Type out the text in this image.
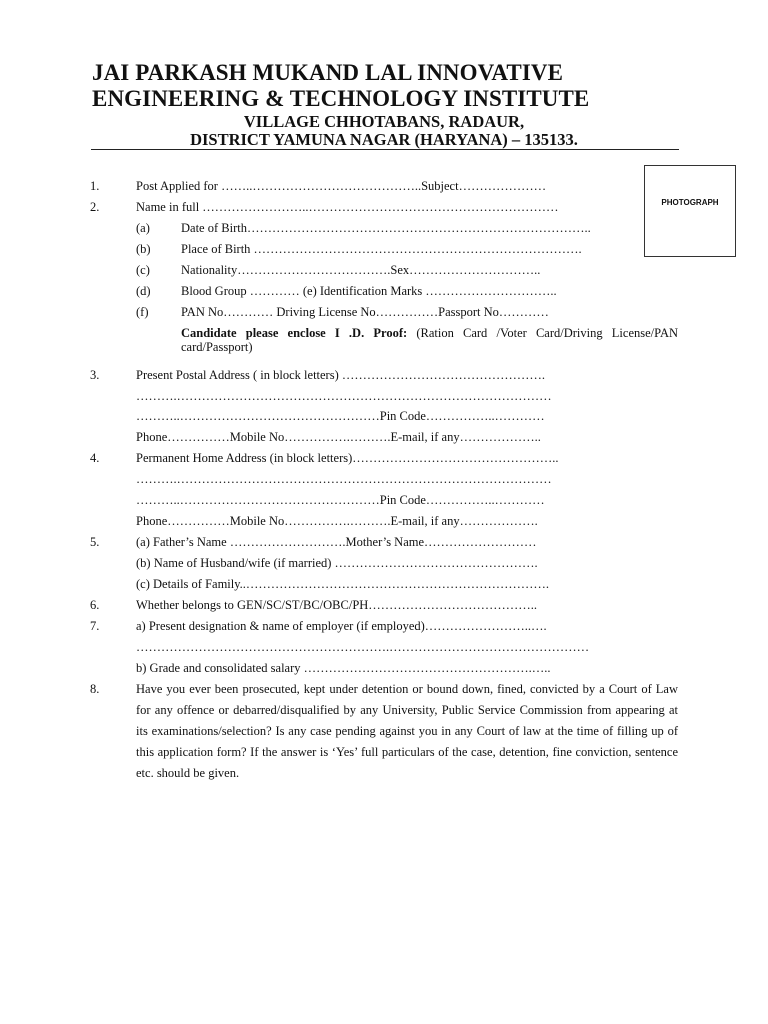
JAI PARKASH MUKAND LAL INNOVATIVE
ENGINEERING & TECHNOLOGY INSTITUTE

VILLAGE CHHOTABANS, RADAUR,

DISTRICT YAMUNA NAGAR (HARYANA) – 135133.

PHOTOGRAPH
1.	Post Applied for ……..…………………………………..Subject…………………
2.	Name in full ……………………..……………………………………………………
(a) Date of Birth………………………………………………………………………..
(b) Place of Birth …………………………………………………………………….
(c) Nationality……………………………….Sex…………………………..
(d) Blood Group ………… (e) Identification Marks …………………………..
(f)	PAN No………… Driving License No……………Passport No…………
Candidate please enclose I .D. Proof: (Ration Card /Voter Card/Driving License/PAN card/Passport)
3.	Present Postal Address ( in block letters) ………………………………………….
……….………………………………………………………………………………
………..…………………………………………Pin Code……………..…………
Phone……………Mobile No…………….……….E-mail, if any………………..
4.	Permanent Home Address (in block letters)…………………………………………..
……….………………………………………………………………………………
………..…………………………………………Pin Code……………..…………
Phone……………Mobile No…………….……….E-mail, if any……………….
5.	(a) Father’s Name ……………………….Mother’s Name………………………
(b) Name of Husband/wife (if married) ………………………………………….
(c) Details of Family..……………………………………………………………….
6.	Whether belongs to GEN/SC/ST/BC/OBC/PH…………………………………..
7.	a) Present designation & name of employer (if employed)……………………..….
…………………………………………………….…………………………………………
b) Grade and consolidated salary ……………………………………………….…..
8.	Have you ever been prosecuted, kept under detention or bound down, fined, convicted by a Court of Law for any offence or debarred/disqualified by any University, Public Service Commission from appearing at its examinations/selection? Is any case pending against you in any Court of law at the time of filling up of this application form? If the answer is ‘Yes’ full particulars of the case, detention, fine conviction, sentence etc. should be given.
